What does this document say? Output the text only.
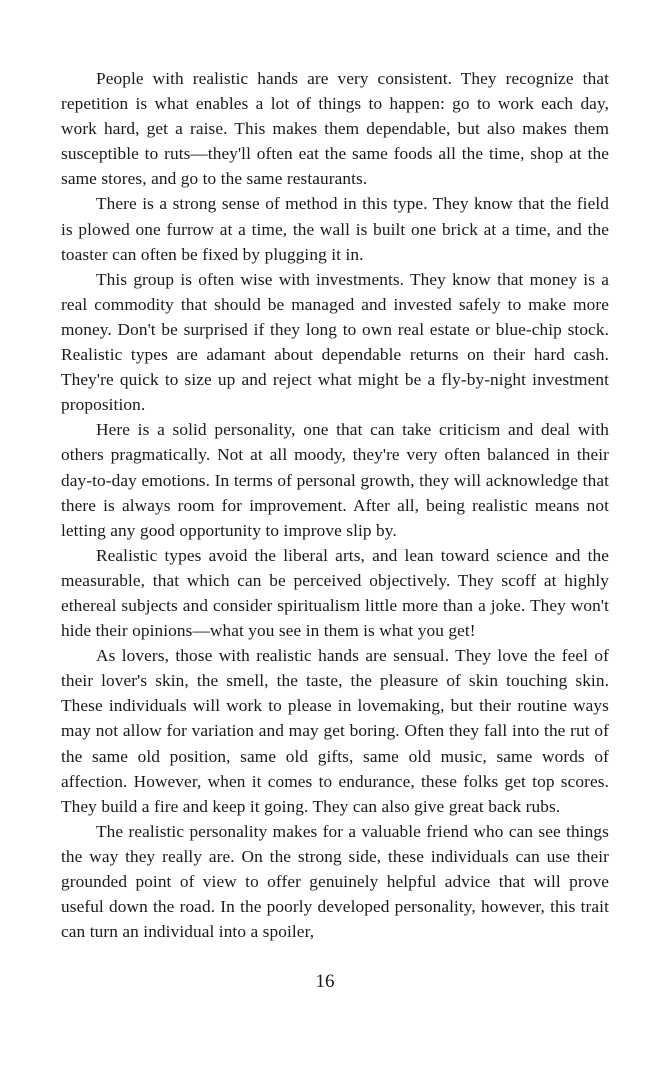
People with realistic hands are very consistent. They recognize that repetition is what enables a lot of things to happen: go to work each day, work hard, get a raise. This makes them dependable, but also makes them susceptible to ruts—they'll often eat the same foods all the time, shop at the same stores, and go to the same restaurants.

There is a strong sense of method in this type. They know that the field is plowed one furrow at a time, the wall is built one brick at a time, and the toaster can often be fixed by plugging it in.

This group is often wise with investments. They know that money is a real commodity that should be managed and invested safely to make more money. Don't be surprised if they long to own real estate or blue-chip stock. Realistic types are adamant about dependable returns on their hard cash. They're quick to size up and reject what might be a fly-by-night investment proposition.

Here is a solid personality, one that can take criticism and deal with others pragmatically. Not at all moody, they're very often balanced in their day-to-day emotions. In terms of personal growth, they will acknowledge that there is always room for improvement. After all, being realistic means not letting any good opportunity to improve slip by.

Realistic types avoid the liberal arts, and lean toward science and the measurable, that which can be perceived objectively. They scoff at highly ethereal subjects and consider spiritualism little more than a joke. They won't hide their opinions—what you see in them is what you get!

As lovers, those with realistic hands are sensual. They love the feel of their lover's skin, the smell, the taste, the pleasure of skin touching skin. These individuals will work to please in lovemaking, but their routine ways may not allow for variation and may get boring. Often they fall into the rut of the same old position, same old gifts, same old music, same words of affection. However, when it comes to endurance, these folks get top scores. They build a fire and keep it going. They can also give great back rubs.

The realistic personality makes for a valuable friend who can see things the way they really are. On the strong side, these individuals can use their grounded point of view to offer genuinely helpful advice that will prove useful down the road. In the poorly developed personality, however, this trait can turn an individual into a spoiler,

16
